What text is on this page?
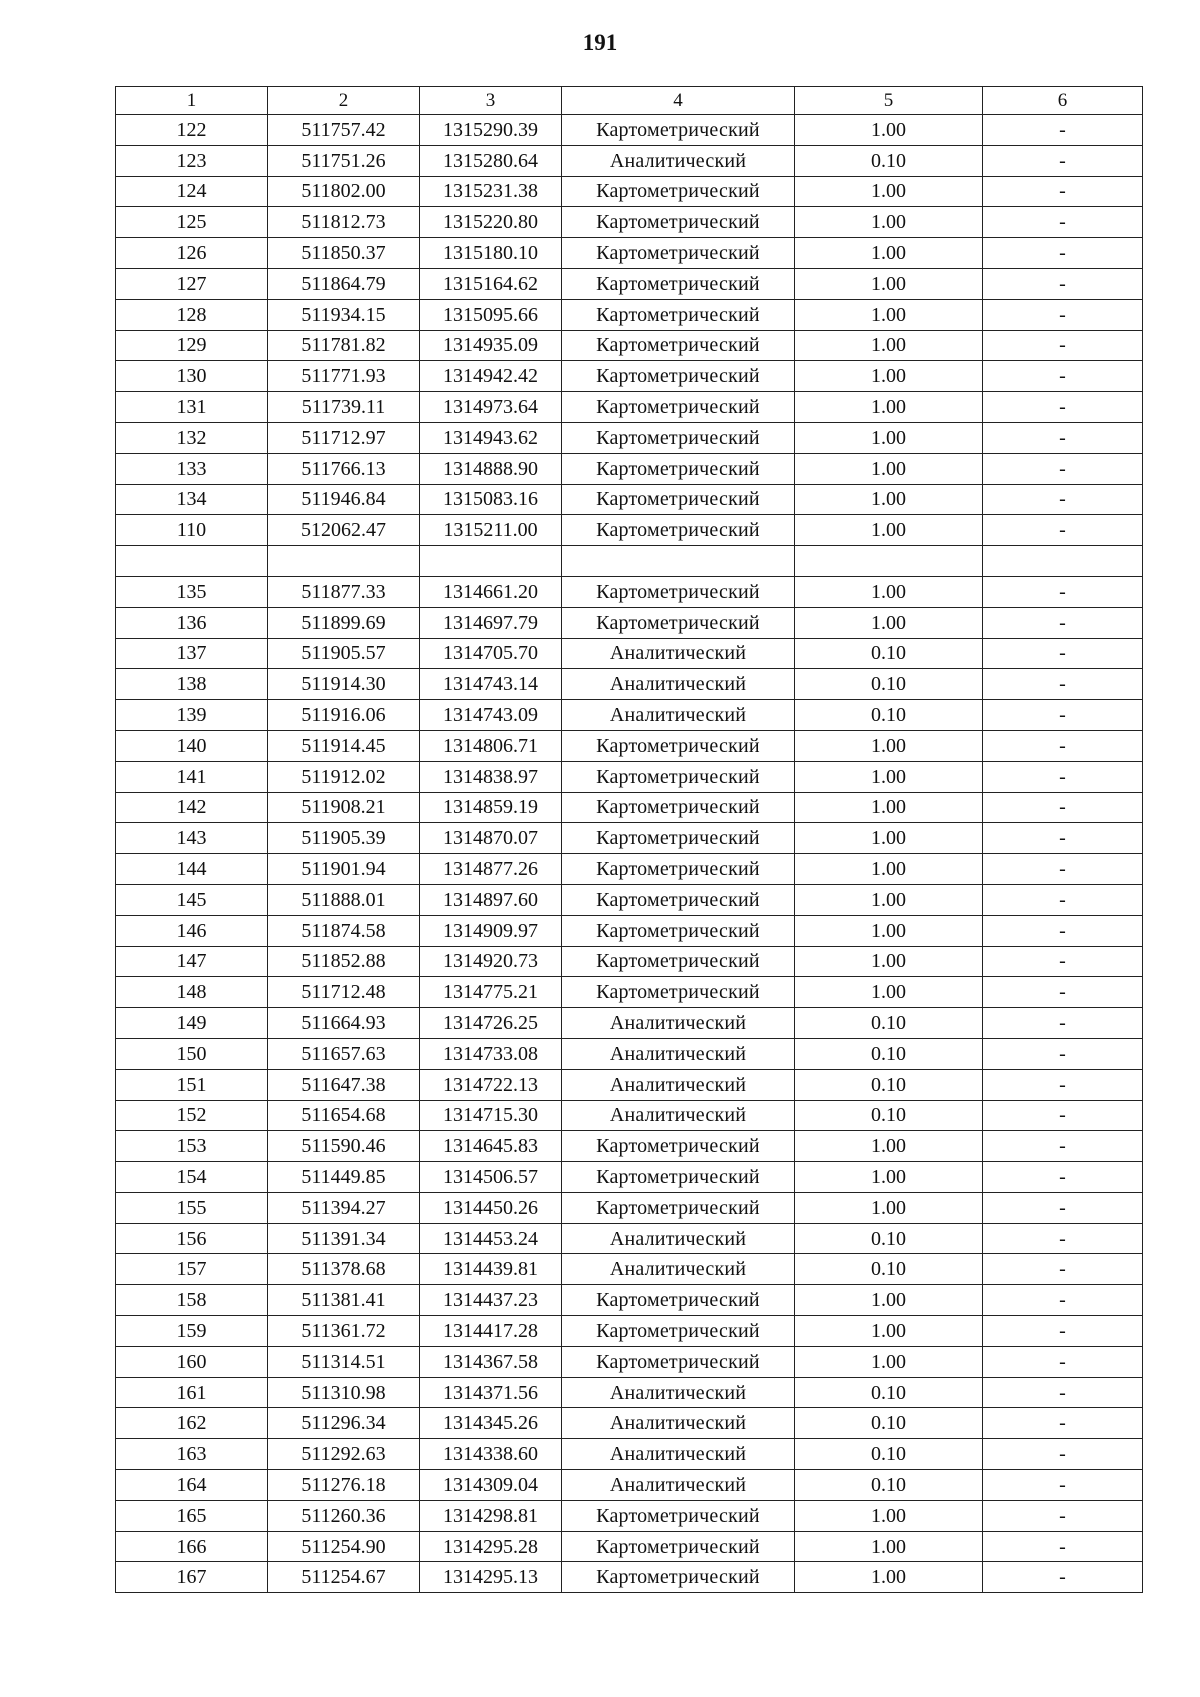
191
1	2	3	4	5	6
122	511757.42	1315290.39	Картометрический	1.00	-
123	511751.26	1315280.64	Аналитический	0.10	-
124	511802.00	1315231.38	Картометрический	1.00	-
125	511812.73	1315220.80	Картометрический	1.00	-
126	511850.37	1315180.10	Картометрический	1.00	-
127	511864.79	1315164.62	Картометрический	1.00	-
128	511934.15	1315095.66	Картометрический	1.00	-
129	511781.82	1314935.09	Картометрический	1.00	-
130	511771.93	1314942.42	Картометрический	1.00	-
131	511739.11	1314973.64	Картометрический	1.00	-
132	511712.97	1314943.62	Картометрический	1.00	-
133	511766.13	1314888.90	Картометрический	1.00	-
134	511946.84	1315083.16	Картометрический	1.00	-
110	512062.47	1315211.00	Картометрический	1.00	-

135	511877.33	1314661.20	Картометрический	1.00	-
136	511899.69	1314697.79	Картометрический	1.00	-
137	511905.57	1314705.70	Аналитический	0.10	-
138	511914.30	1314743.14	Аналитический	0.10	-
139	511916.06	1314743.09	Аналитический	0.10	-
140	511914.45	1314806.71	Картометрический	1.00	-
141	511912.02	1314838.97	Картометрический	1.00	-
142	511908.21	1314859.19	Картометрический	1.00	-
143	511905.39	1314870.07	Картометрический	1.00	-
144	511901.94	1314877.26	Картометрический	1.00	-
145	511888.01	1314897.60	Картометрический	1.00	-
146	511874.58	1314909.97	Картометрический	1.00	-
147	511852.88	1314920.73	Картометрический	1.00	-
148	511712.48	1314775.21	Картометрический	1.00	-
149	511664.93	1314726.25	Аналитический	0.10	-
150	511657.63	1314733.08	Аналитический	0.10	-
151	511647.38	1314722.13	Аналитический	0.10	-
152	511654.68	1314715.30	Аналитический	0.10	-
153	511590.46	1314645.83	Картометрический	1.00	-
154	511449.85	1314506.57	Картометрический	1.00	-
155	511394.27	1314450.26	Картометрический	1.00	-
156	511391.34	1314453.24	Аналитический	0.10	-
157	511378.68	1314439.81	Аналитический	0.10	-
158	511381.41	1314437.23	Картометрический	1.00	-
159	511361.72	1314417.28	Картометрический	1.00	-
160	511314.51	1314367.58	Картометрический	1.00	-
161	511310.98	1314371.56	Аналитический	0.10	-
162	511296.34	1314345.26	Аналитический	0.10	-
163	511292.63	1314338.60	Аналитический	0.10	-
164	511276.18	1314309.04	Аналитический	0.10	-
165	511260.36	1314298.81	Картометрический	1.00	-
166	511254.90	1314295.28	Картометрический	1.00	-
167	511254.67	1314295.13	Картометрический	1.00	-
